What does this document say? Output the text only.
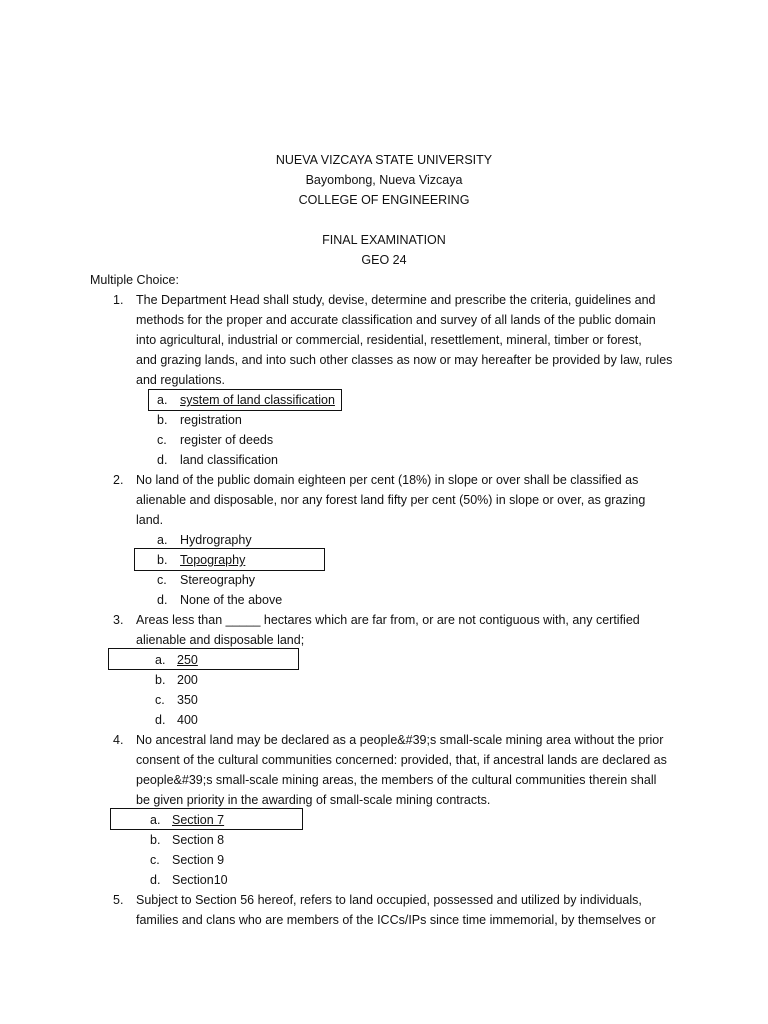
NUEVA VIZCAYA STATE UNIVERSITY
Bayombong, Nueva Vizcaya
COLLEGE OF ENGINEERING
FINAL EXAMINATION
GEO 24
Multiple Choice:
1. The Department Head shall study, devise, determine and prescribe the criteria, guidelines and
methods for the proper and accurate classification and survey of all lands of the public domain
into agricultural, industrial or commercial, residential, resettlement, mineral, timber or forest,
and grazing lands, and into such other classes as now or may hereafter be provided by law, rules
and regulations.
a. system of land classification
b. registration
c. register of deeds
d. land classification
2. No land of the public domain eighteen per cent (18%) in slope or over shall be classified as
alienable and disposable, nor any forest land fifty per cent (50%) in slope or over, as grazing
land.
a. Hydrography
b. Topography
c. Stereography
d. None of the above
3. Areas less than _____ hectares which are far from, or are not contiguous with, any certified
alienable and disposable land;
a. 250
b. 200
c. 350
d. 400
4. No ancestral land may be declared as a people&#39;s small-scale mining area without the prior
consent of the cultural communities concerned: provided, that, if ancestral lands are declared as
people&#39;s small-scale mining areas, the members of the cultural communities therein shall
be given priority in the awarding of small-scale mining contracts.
a. Section 7
b. Section 8
c. Section 9
d. Section10
5. Subject to Section 56 hereof, refers to land occupied, possessed and utilized by individuals,
families and clans who are members of the ICCs/IPs since time immemorial, by themselves or
